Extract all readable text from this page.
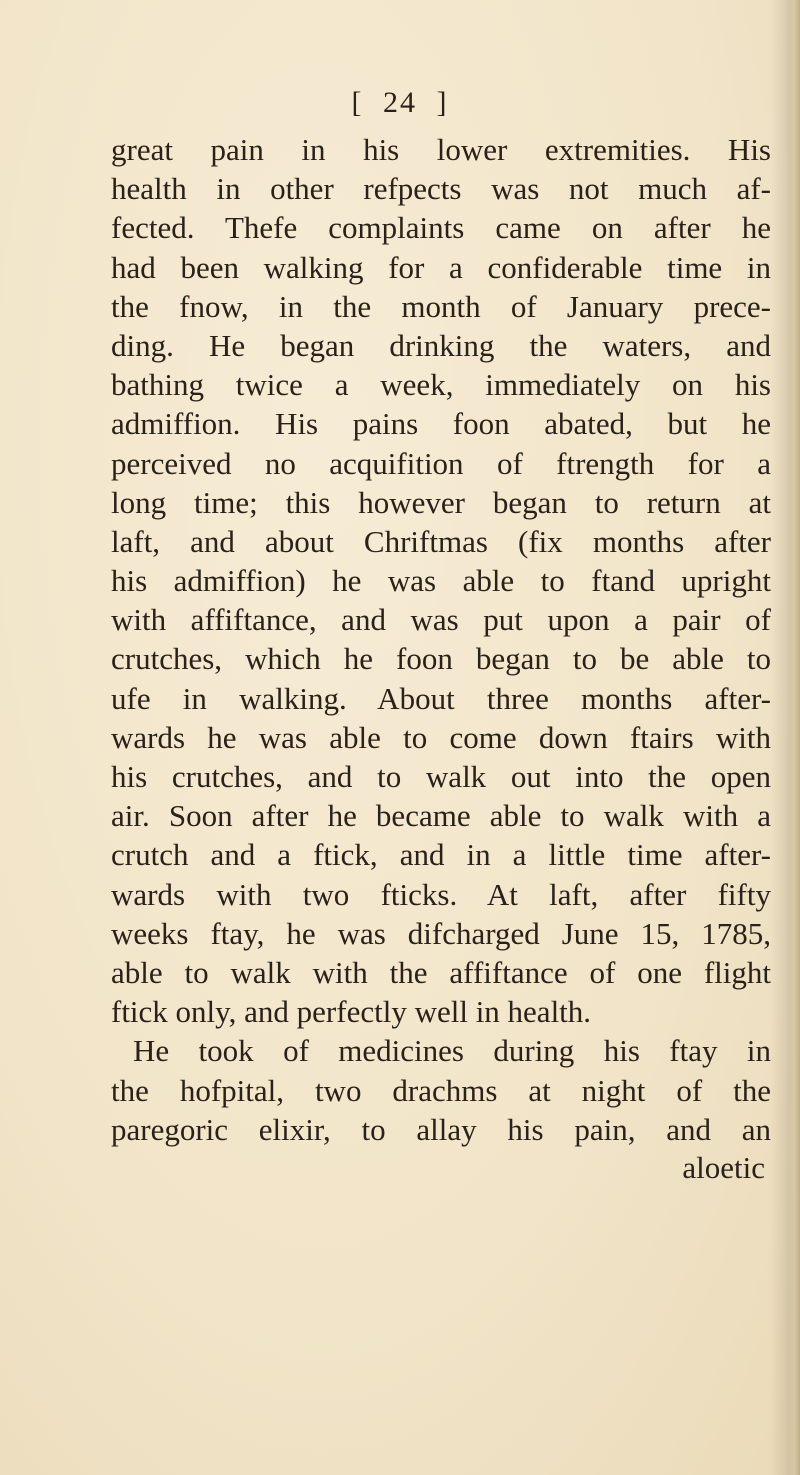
[ 24 ]
great pain in his lower extremities. His
health in other refpects was not much af-
fected. Thefe complaints came on after he
had been walking for a confiderable time in
the fnow, in the month of January prece-
ding. He began drinking the waters, and
bathing twice a week, immediately on his
admiffion. His pains foon abated, but he
perceived no acquifition of ftrength for a
long time; this however began to return at
laft, and about Chriftmas (fix months after
his admiffion) he was able to ftand upright
with affiftance, and was put upon a pair of
crutches, which he foon began to be able to
ufe in walking. About three months after-
wards he was able to come down ftairs with
his crutches, and to walk out into the open
air. Soon after he became able to walk with a
crutch and a ftick, and in a little time after-
wards with two fticks. At laft, after fifty
weeks ftay, he was difcharged June 15, 1785,
able to walk with the affiftance of one flight
ftick only, and perfectly well in health.
He took of medicines during his ftay in
the hofpital, two drachms at night of the
paregoric elixir, to allay his pain, and an
aloetic
